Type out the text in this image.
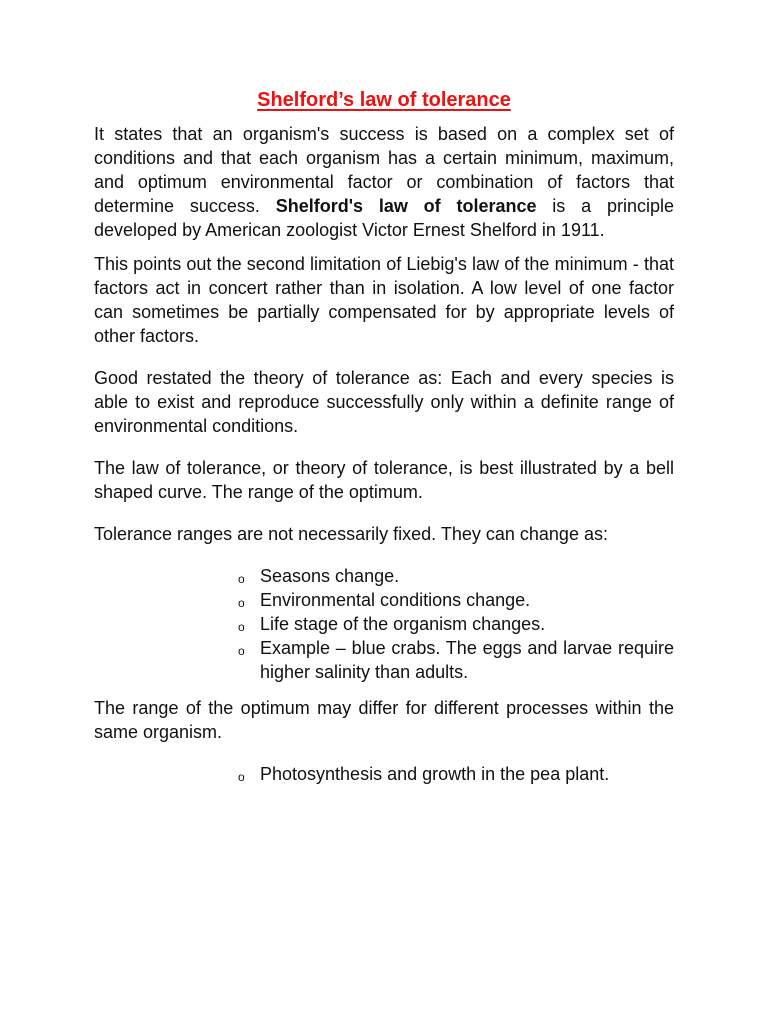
Shelford’s law of tolerance

It states that an organism's success is based on a complex set of conditions and that each organism has a certain minimum, maximum, and optimum environmental factor or combination of factors that determine success. Shelford's law of tolerance is a principle developed by American zoologist Victor Ernest Shelford in 1911.

This points out the second limitation of Liebig's law of the minimum - that factors act in concert rather than in isolation. A low level of one factor can sometimes be partially compensated for by appropriate levels of other factors.

Good restated the theory of tolerance as: Each and every species is able to exist and reproduce successfully only within a definite range of environmental conditions.

The law of tolerance, or theory of tolerance, is best illustrated by a bell shaped curve. The range of the optimum.

Tolerance ranges are not necessarily fixed. They can change as:

o Seasons change.
o Environmental conditions change.
o Life stage of the organism changes.
o Example – blue crabs. The eggs and larvae require higher salinity than adults.

The range of the optimum may differ for different processes within the same organism.

o Photosynthesis and growth in the pea plant.
